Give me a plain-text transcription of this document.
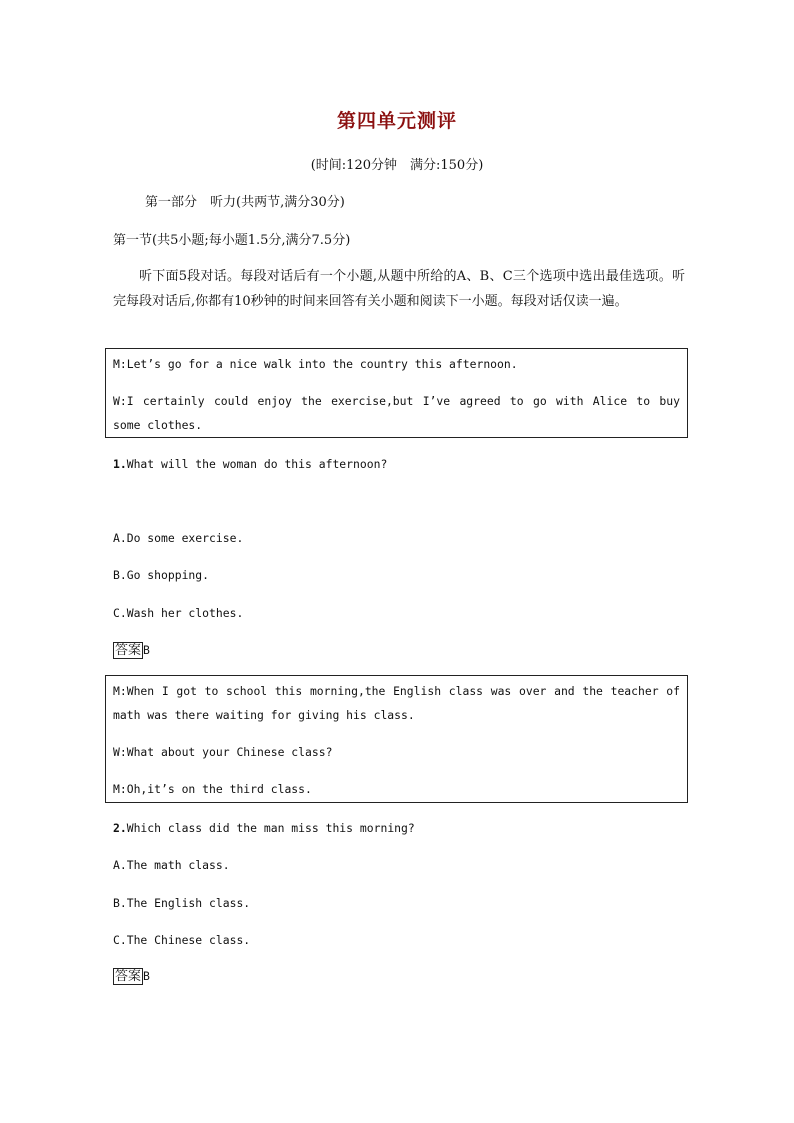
第四单元测评
(时间:120分钟　满分:150分)
第一部分　听力(共两节,满分30分)
第一节(共5小题;每小题1.5分,满分7.5分)
听下面5段对话。每段对话后有一个小题,从题中所给的A、B、C三个选项中选出最佳选项。听完每段对话后,你都有10秒钟的时间来回答有关小题和阅读下一小题。每段对话仅读一遍。
M:Let’s go for a nice walk into the country this afternoon.
W:I certainly could enjoy the exercise,but I’ve agreed to go with Alice to buy some clothes.
1.What will the woman do this afternoon?
A.Do some exercise.
B.Go shopping.
C.Wash her clothes.
答案 B
M:When I got to school this morning,the English class was over and the teacher of math was there waiting for giving his class.
W:What about your Chinese class?
M:Oh,it’s on the third class.
2.Which class did the man miss this morning?
A.The math class.
B.The English class.
C.The Chinese class.
答案 B
